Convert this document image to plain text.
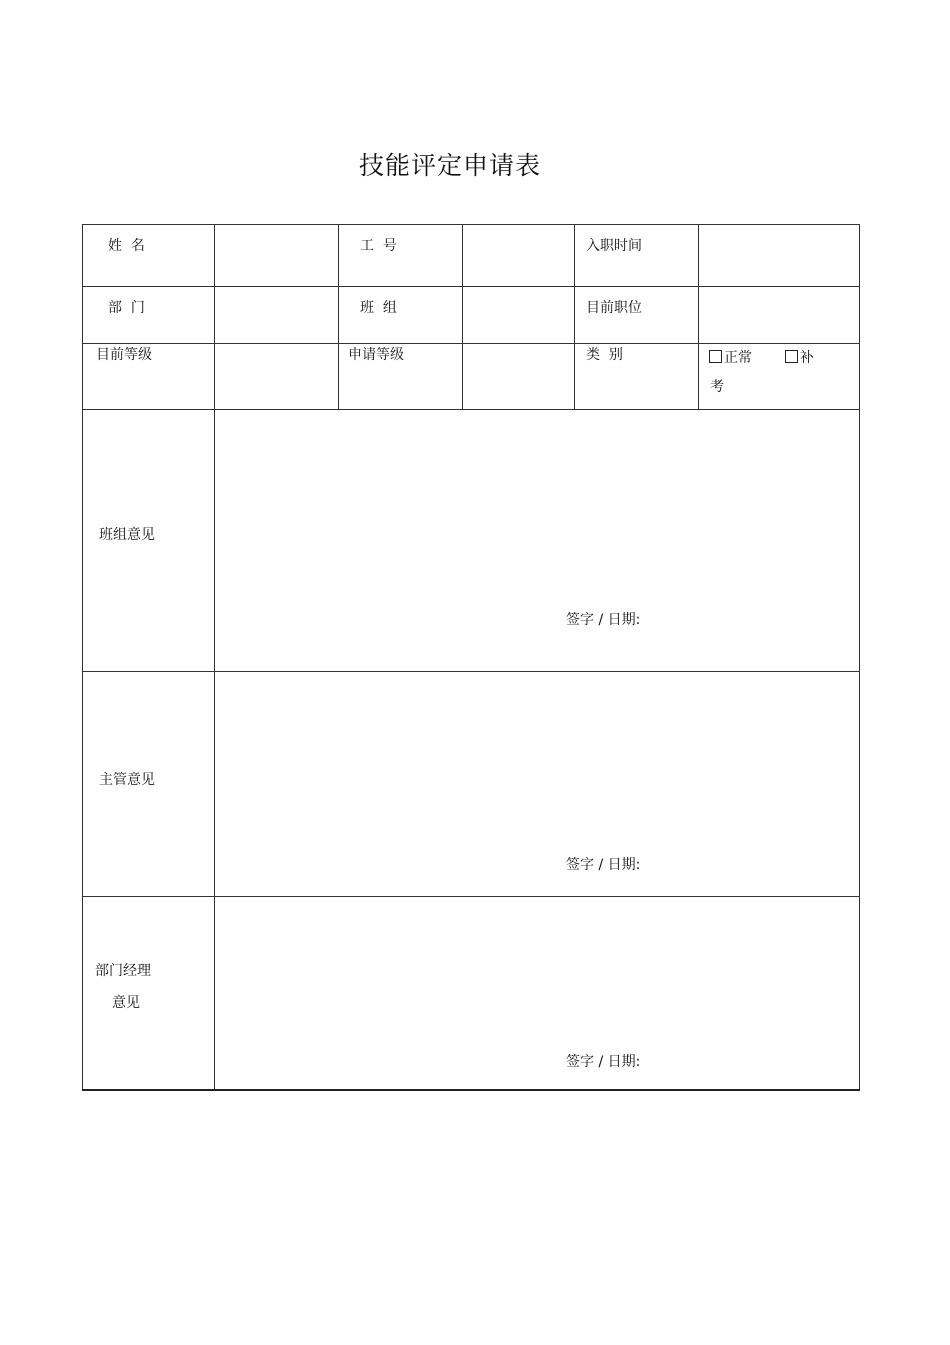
技能评定申请表
姓  名		工  号		入职时间	

部  门		班  组		目前职位	

目前等级		申请等级		类  别	正常 补
考

班组意见	签字 / 日期:				

主管意见	签字 / 日期:				

部门经理
意见	签字 / 日期:				
